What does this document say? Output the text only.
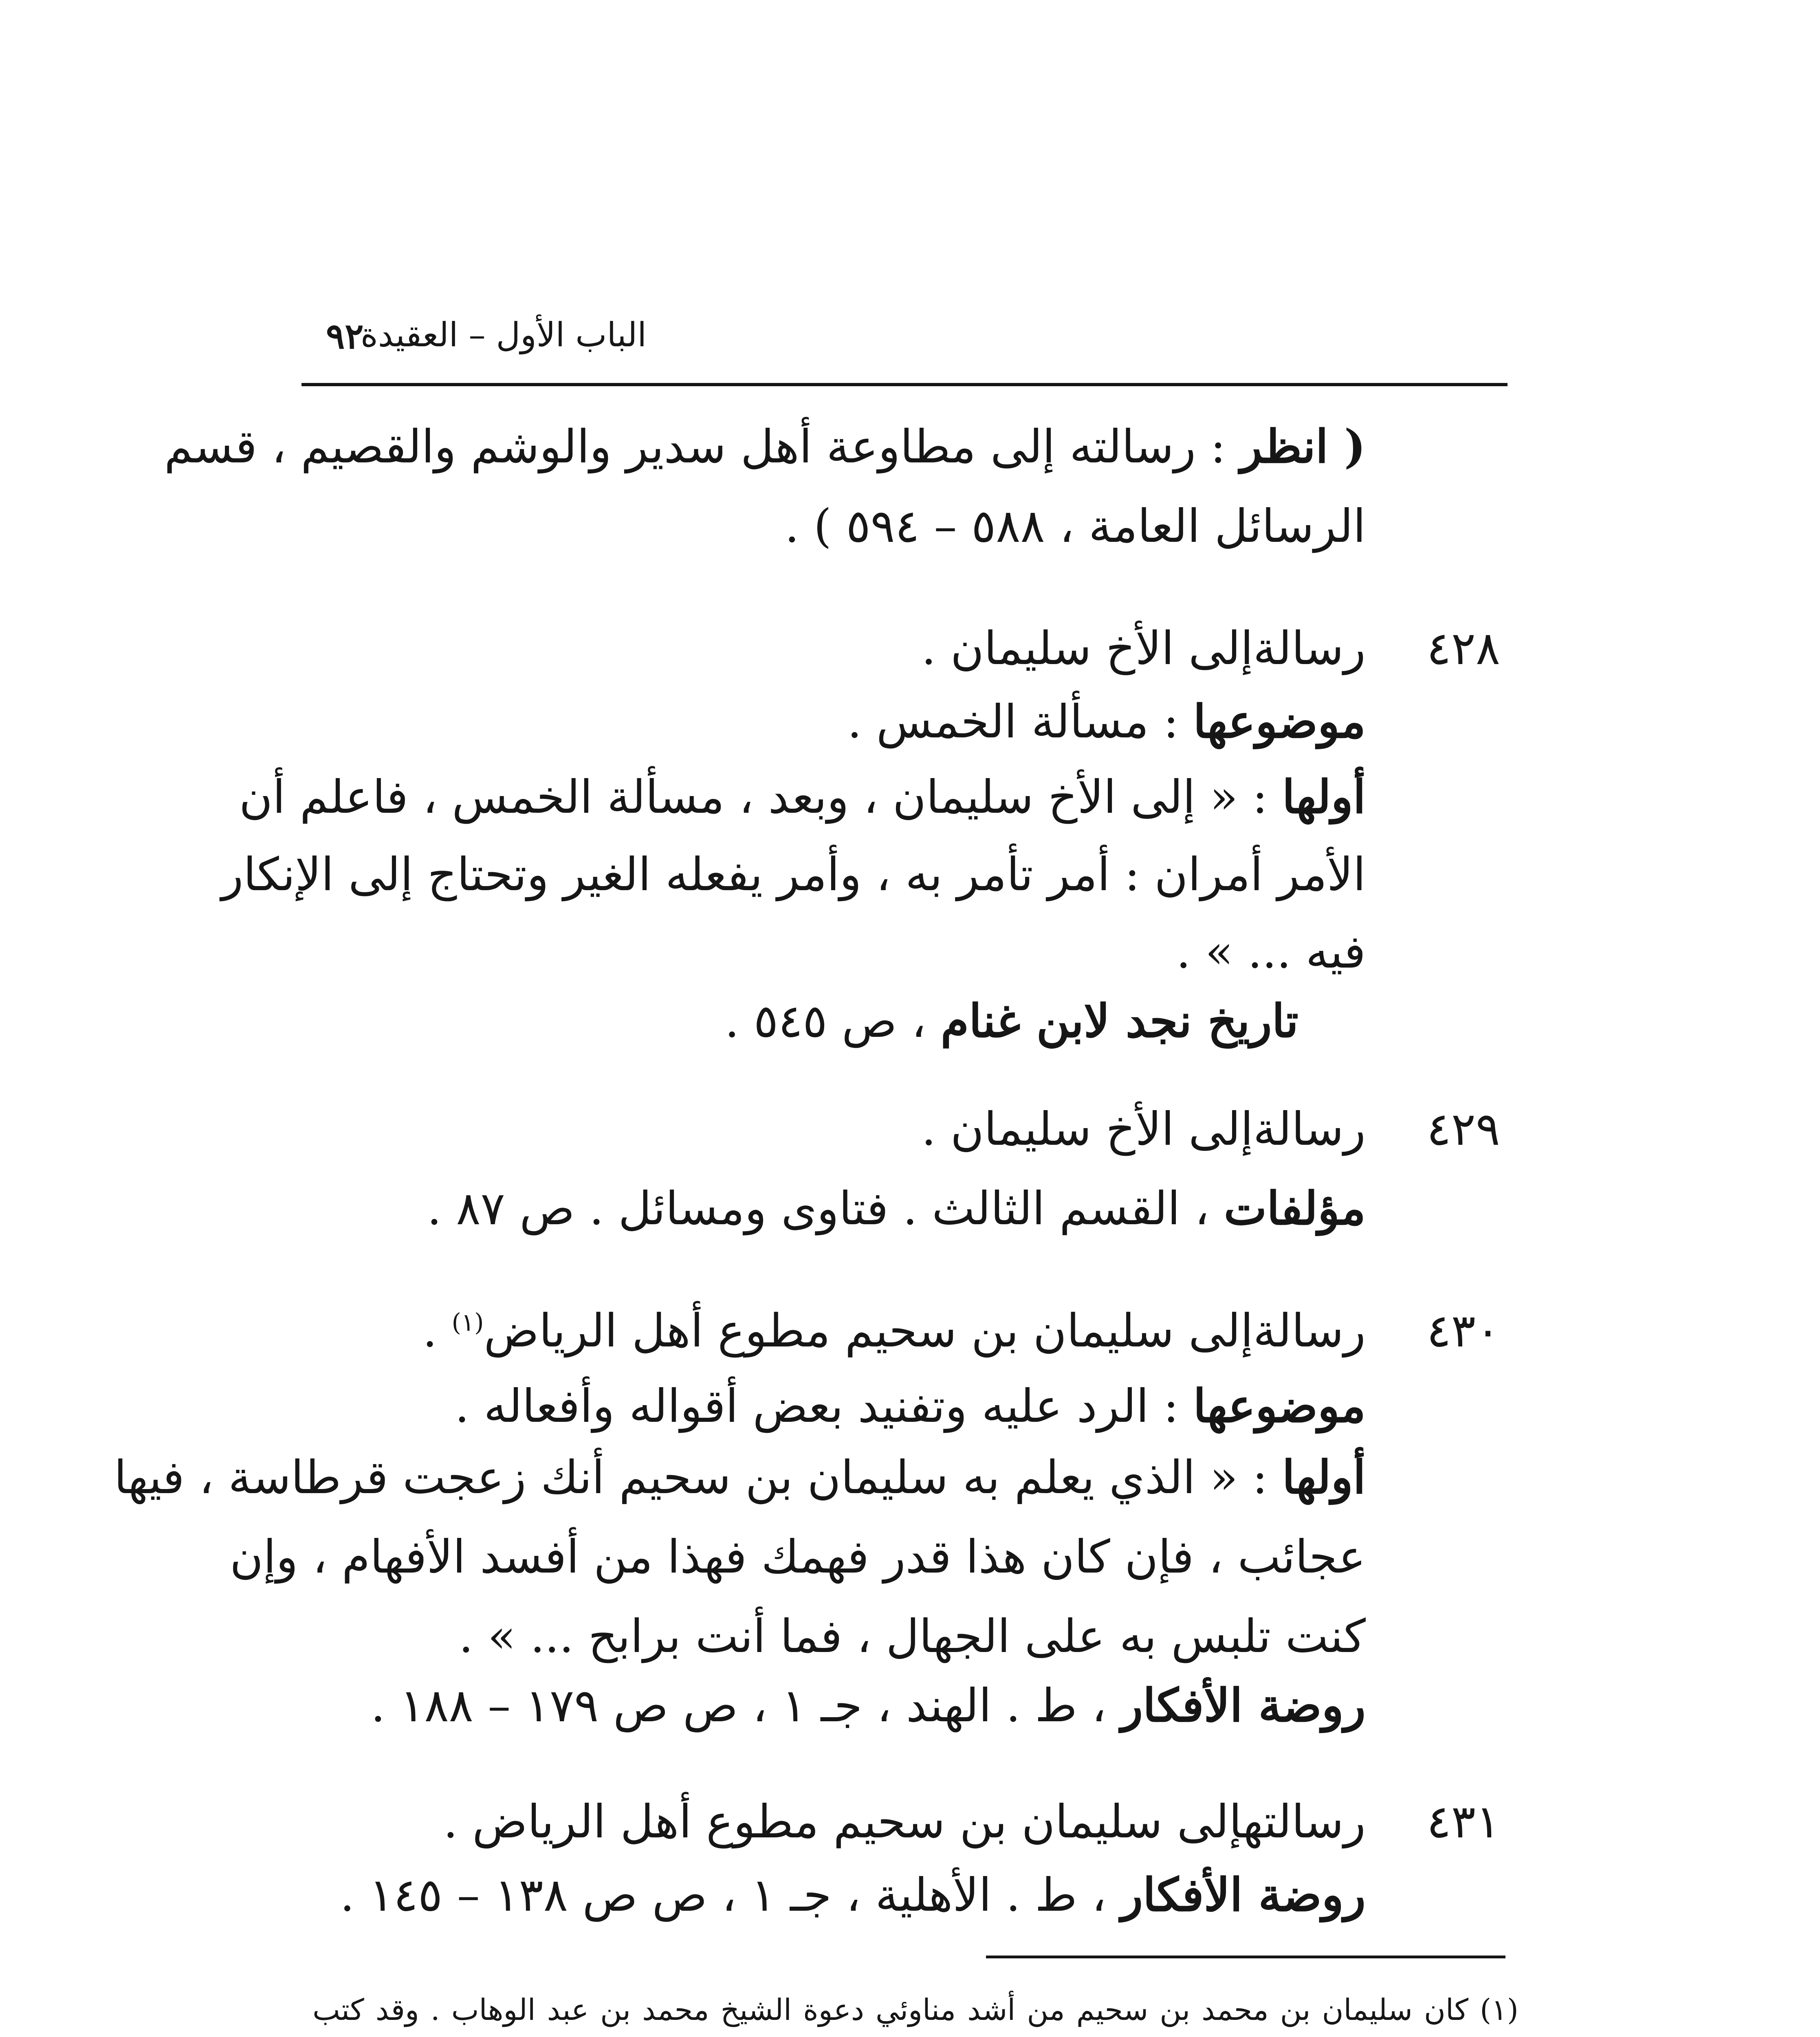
الباب الأول – العقيدة
٩٢
( انظر : رسالته إلى مطاوعة أهل سدير والوشم والقصيم ، قسم
الرسائل العامة ، ٥٨٨ – ٥٩٤ ) .
٤٢٨
رسالةإلى الأخ سليمان .
موضوعها : مسألة الخمس .
أولها : « إلى الأخ سليمان ، وبعد ، مسألة الخمس ، فاعلم أن
الأمر أمران : أمر تأمر به ، وأمر يفعله الغير وتحتاج إلى الإنكار
فيه ... » .
تاريخ نجد لابن غنام ، ص ٥٤٥ .
٤٢٩
رسالةإلى الأخ سليمان .
مؤلفات ، القسم الثالث . فتاوى ومسائل . ص ٨٧ .
٤٣٠
رسالةإلى سليمان بن سحيم مطوع أهل الرياض$^{(١)}$ .
موضوعها : الرد عليه وتفنيد بعض أقواله وأفعاله .
أولها : « الذي يعلم به سليمان بن سحيم أنك زعجت قرطاسة ، فيها
عجائب ، فإن كان هذا قدر فهمك فهذا من أفسد الأفهام ، وإن
كنت تلبس به على الجهال ، فما أنت برابح ... » .
روضة الأفكار ، ط . الهند ، جـ ١ ، ص ص ١٧٩ – ١٨٨ .
٤٣١
رسالتهإلى سليمان بن سحيم مطوع أهل الرياض .
روضة الأفكار ، ط . الأهلية ، جـ ١ ، ص ص ١٣٨ – ١٤٥ .
(١) كان سليمان بن محمد بن سحيم من أشد مناوئي دعوة الشيخ محمد بن عبد الوهاب . وقد كتب
